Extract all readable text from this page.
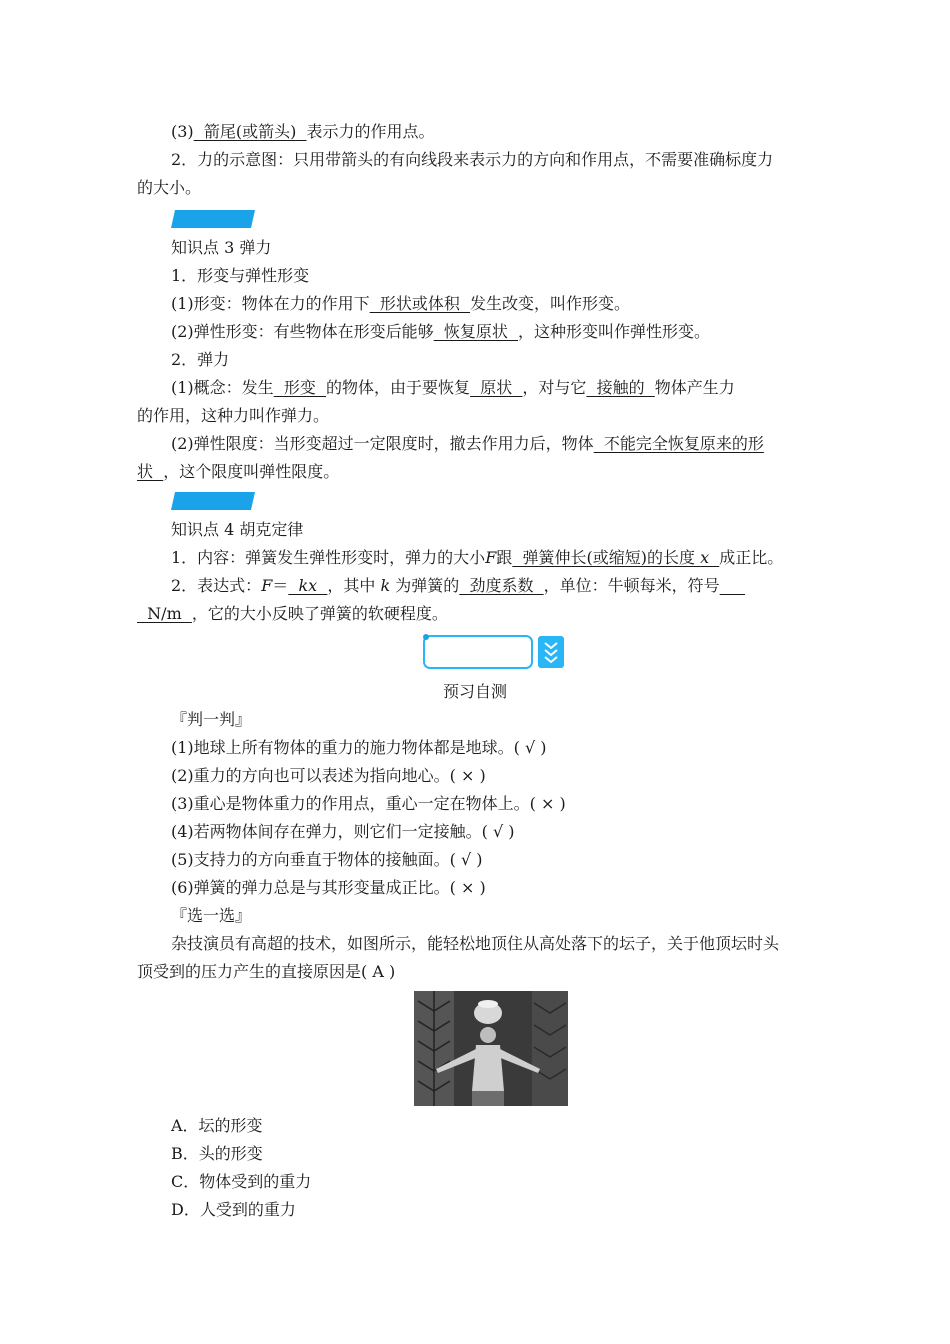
(3)  箭尾(或箭头)  表示力的作用点。
2．力的示意图：只用带箭头的有向线段来表示力的方向和作用点，不需要准确标度力
的大小。
知识点 3 弹力
1．形变与弹性形变
(1)形变：物体在力的作用下  形状或体积  发生改变，叫作形变。
(2)弹性形变：有些物体在形变后能够  恢复原状  ，这种形变叫作弹性形变。
2．弹力
(1)概念：发生  形变  的物体，由于要恢复  原状  ，对与它  接触的  物体产生力
的作用，这种力叫作弹力。
(2)弹性限度：当形变超过一定限度时，撤去作用力后，物体  不能完全恢复原来的形
状  ，这个限度叫弹性限度。
知识点 4 胡克定律
1．内容：弹簧发生弹性形变时，弹力的大小F跟  弹簧伸长(或缩短)的长度 x 成正比。
2．表达式：F＝  kx  ，其中 k 为弹簧的  劲度系数  ，单位：牛顿每米，符号
N/m  ，它的大小反映了弹簧的软硬程度。
预习自测
『判一判』
(1)地球上所有物体的重力的施力物体都是地球。( √ )
(2)重力的方向也可以表述为指向地心。( × )
(3)重心是物体重力的作用点，重心一定在物体上。( × )
(4)若两物体间存在弹力，则它们一定接触。( √ )
(5)支持力的方向垂直于物体的接触面。( √ )
(6)弹簧的弹力总是与其形变量成正比。( × )
『选一选』
杂技演员有高超的技术，如图所示，能轻松地顶住从高处落下的坛子，关于他顶坛时头
顶受到的压力产生的直接原因是( A )
A．坛的形变
B．头的形变
C．物体受到的重力
D．人受到的重力
